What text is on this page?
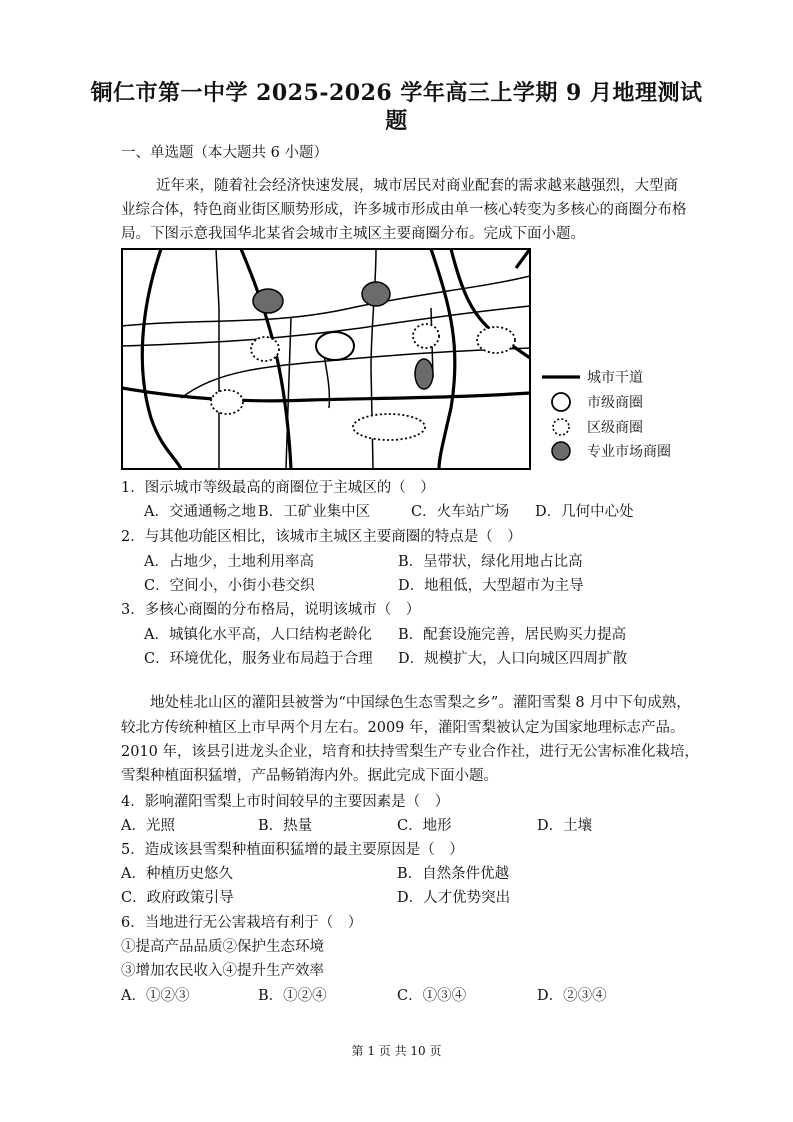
铜仁市第一中学 2025-2026 学年高三上学期 9 月地理测试
题
一、单选题（本大题共 6 小题）
近年来，随着社会经济快速发展，城市居民对商业配套的需求越来越强烈，大型商
业综合体，特色商业街区顺势形成，许多城市形成由单一核心转变为多核心的商圈分布格
局。下图示意我国华北某省会城市主城区主要商圈分布。完成下面小题。
城市干道
市级商圈
区级商圈
专业市场商圈
1．图示城市等级最高的商圈位于主城区的（　）
A．交通通畅之地 B．工矿业集中区	C．火车站广场 D．几何中心处
2．与其他功能区相比，该城市主城区主要商圈的特点是（　）
A．占地少，土地利用率高	B．呈带状，绿化用地占比高
C．空间小，小街小巷交织	D．地租低，大型超市为主导
3．多核心商圈的分布格局，说明该城市（　）
A．城镇化水平高，人口结构老龄化 B．配套设施完善，居民购买力提高
C．环境优化，服务业布局趋于合理 D．规模扩大，人口向城区四周扩散
地处桂北山区的灌阳县被誉为“中国绿色生态雪梨之乡”。灌阳雪梨 8 月中下旬成熟，
较北方传统种植区上市早两个月左右。2009 年，灌阳雪梨被认定为国家地理标志产品。
2010 年，该县引进龙头企业，培育和扶持雪梨生产专业合作社，进行无公害标准化栽培，
雪梨种植面积猛增，产品畅销海内外。据此完成下面小题。
4．影响灌阳雪梨上市时间较早的主要因素是（　）
A．光照	B．热量	C．地形	D．土壤
5．造成该县雪梨种植面积猛增的最主要原因是（　）
A．种植历史悠久	B．自然条件优越
C．政府政策引导	D．人才优势突出
6．当地进行无公害栽培有利于（　）
①提高产品品质②保护生态环境
③增加农民收入④提升生产效率
A．①②③	B．①②④	C．①③④	D．②③④
第 1 页 共 10 页
